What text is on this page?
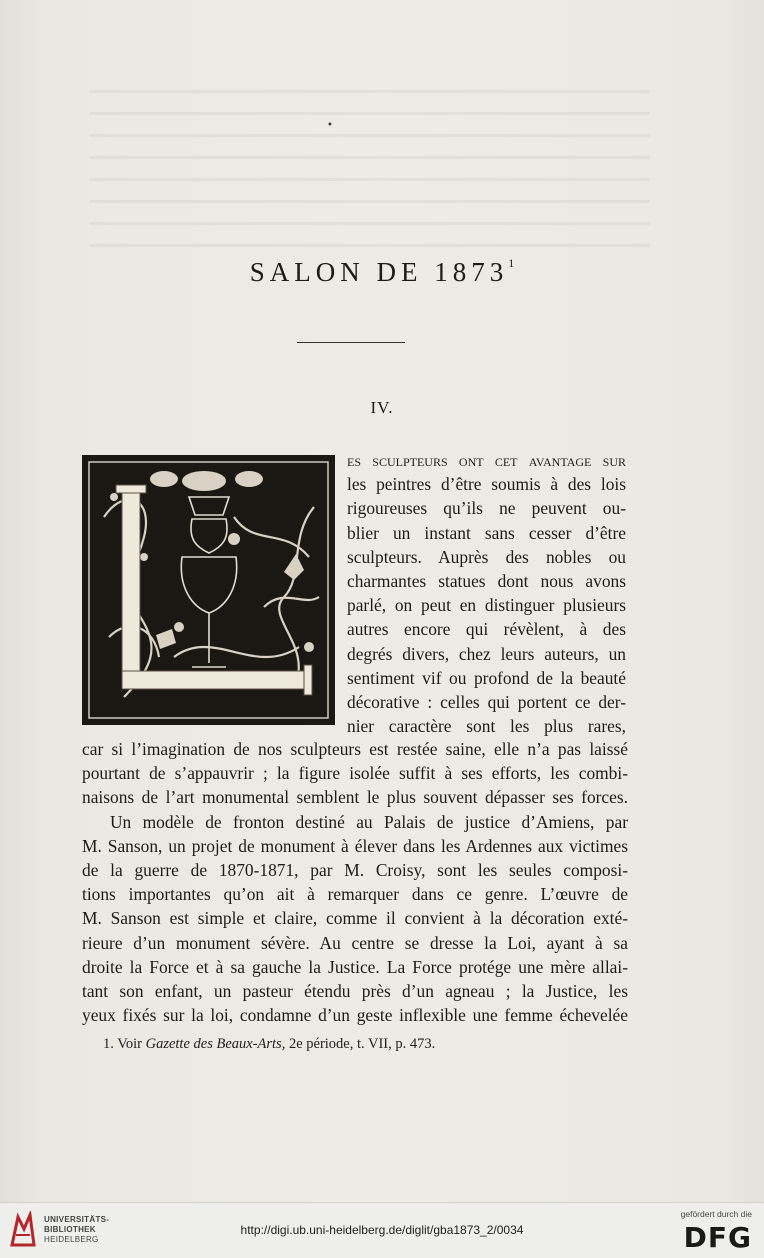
•
SALON DE 1873$^1$
IV.
es sculpteurs ont cet avantage sur
les peintres d’être soumis à des lois
rigoureuses qu’ils ne peuvent ou-
blier un instant sans cesser d’être
sculpteurs. Auprès des nobles ou
charmantes statues dont nous avons
parlé, on peut en distinguer plusieurs
autres encore qui révèlent, à des
degrés divers, chez leurs auteurs, un
sentiment vif ou profond de la beauté
décorative : celles qui portent ce der-
nier caractère sont les plus rares,
car si l’imagination de nos sculpteurs est restée saine, elle n’a pas laissé
pourtant de s’appauvrir ; la figure isolée suffit à ses efforts, les combi-
naisons de l’art monumental semblent le plus souvent dépasser ses forces.
Un modèle de fronton destiné au Palais de justice d’Amiens, par
M. Sanson, un projet de monument à élever dans les Ardennes aux victimes
de la guerre de 1870-1871, par M. Croisy, sont les seules composi-
tions importantes qu’on ait à remarquer dans ce genre. L’œuvre de
M. Sanson est simple et claire, comme il convient à la décoration exté-
rieure d’un monument sévère. Au centre se dresse la Loi, ayant à sa
droite la Force et à sa gauche la Justice. La Force protége une mère allai-
tant son enfant, un pasteur étendu près d’un agneau ; la Justice, les
yeux fixés sur la loi, condamne d’un geste inflexible une femme échevelée
1. Voir Gazette des Beaux-Arts, 2e période, t. VII, p. 473.
UNIVERSITÄTS-
BIBLIOTHEK
HEIDELBERG
http://digi.ub.uni-heidelberg.de/diglit/gba1873_2/0034
gefördert durch die
DFG
